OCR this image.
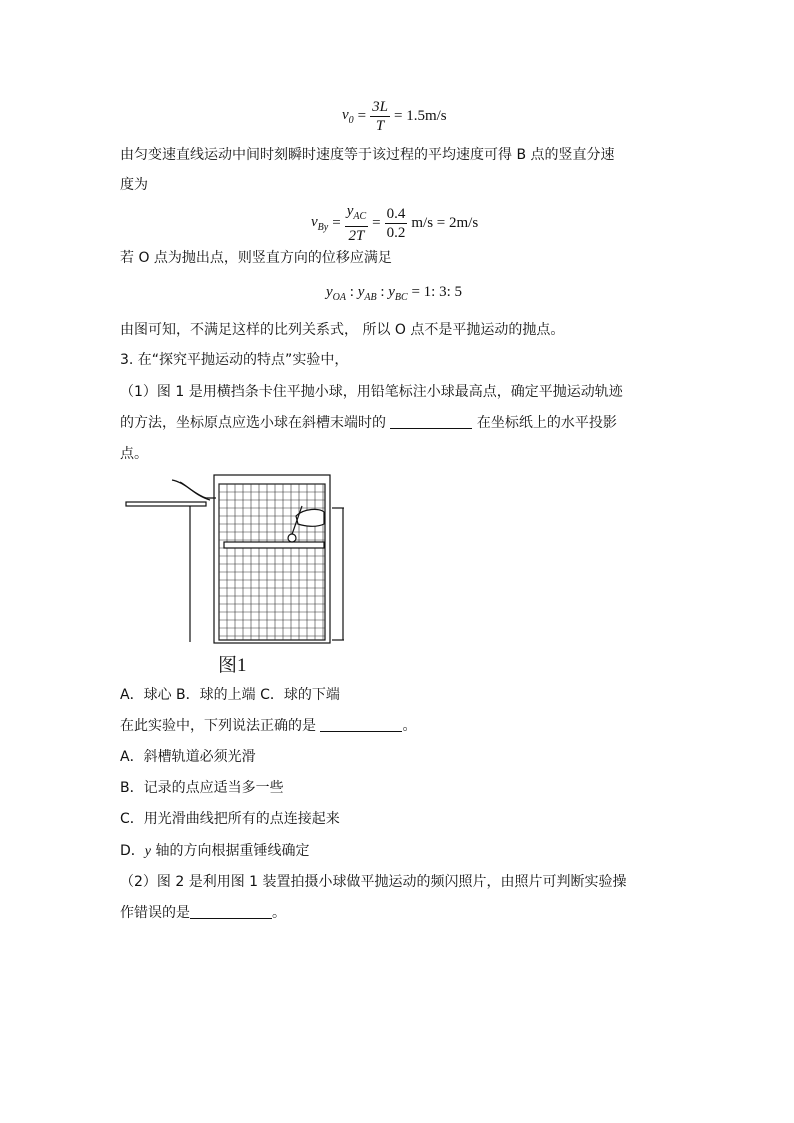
$v_0 = \frac{3L}{T} = 1.5m/s$
由匀变速直线运动中间时刻瞬时速度等于该过程的平均速度可得 B 点的竖直分速
度为
$v_{By} = \frac{y_{AC}}{2T} = \frac{0.4}{0.2} m/s = 2m/s$
若 O 点为抛出点，则竖直方向的位移应满足
$y_{OA}$ : $y_{AB}$ : $y_{BC} = 1$: 3: 5
由图可知，不满足这样的比列关系式， 所以 O 点不是平抛运动的抛点。
3. 在“探究平抛运动的特点”实验中，
（1）图 1 是用横挡条卡住平抛小球，用铅笔标注小球最高点，确定平抛运动轨迹
的方法，坐标原点应选小球在斜槽末端时的	在坐标纸上的水平投影
点。
图1
A．球心 B．球的上端 C．球的下端
在此实验中，下列说法正确的是	。
A．斜槽轨道必须光滑
B．记录的点应适当多一些
C．用光滑曲线把所有的点连接起来
D．y 轴的方向根据重锤线确定
（2）图 2 是利用图 1 装置拍摄小球做平抛运动的频闪照片，由照片可判断实验操
作错误的是	。
